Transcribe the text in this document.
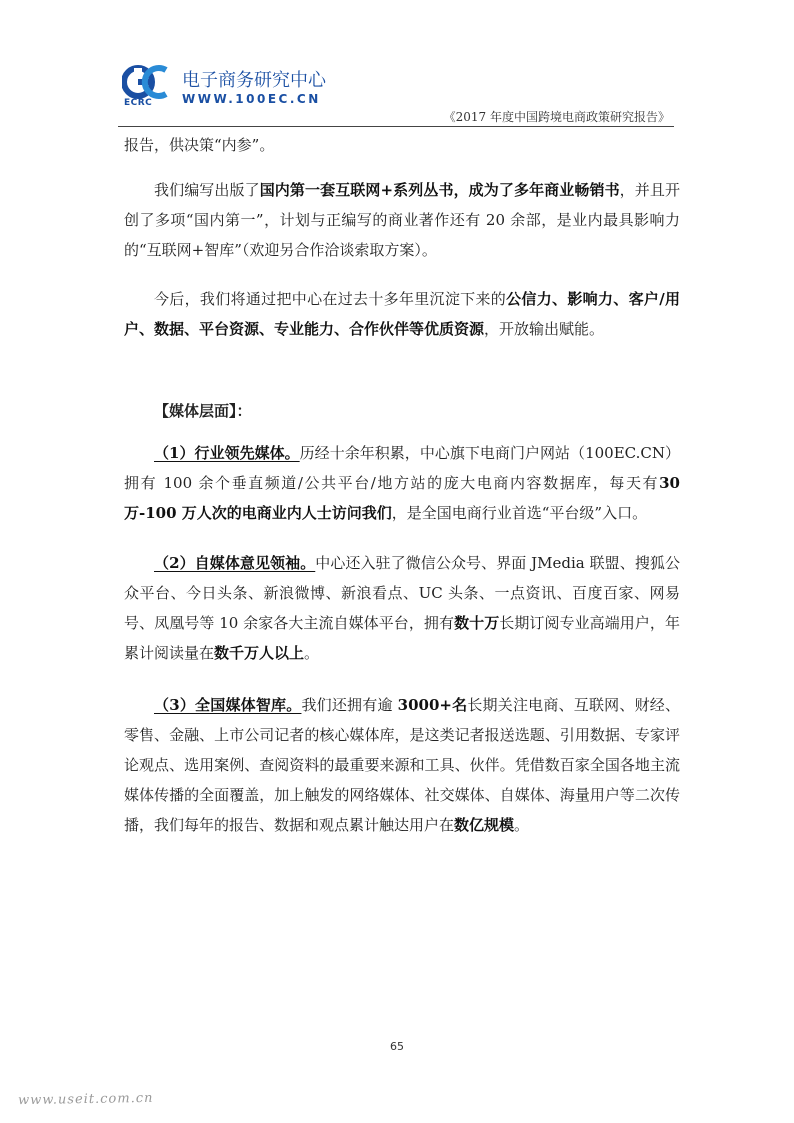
ECRC
电子商务研究中心
WWW.100EC.CN
《2017 年度中国跨境电商政策研究报告》

报告，供决策“内参”。

我们编写出版了国内第一套互联网+系列丛书，成为了多年商业畅销书，并且开创了多项“国内第一”，计划与正编写的商业著作还有 20 余部，是业内最具影响力的“互联网+智库”（欢迎另合作洽谈索取方案）。

今后，我们将通过把中心在过去十多年里沉淀下来的公信力、影响力、客户/用户、数据、平台资源、专业能力、合作伙伴等优质资源，开放输出赋能。

【媒体层面】：

（1）行业领先媒体。历经十余年积累，中心旗下电商门户网站（100EC.CN）拥有 100 余个垂直频道/公共平台/地方站的庞大电商内容数据库，每天有30 万-100 万人次的电商业内人士访问我们，是全国电商行业首选“平台级”入口。

（2）自媒体意见领袖。中心还入驻了微信公众号、界面 JMedia 联盟、搜狐公众平台、今日头条、新浪微博、新浪看点、UC 头条、一点资讯、百度百家、网易号、凤凰号等 10 余家各大主流自媒体平台，拥有数十万长期订阅专业高端用户，年累计阅读量在数千万人以上。

（3）全国媒体智库。我们还拥有逾 3000+名长期关注电商、互联网、财经、零售、金融、上市公司记者的核心媒体库，是这类记者报送选题、引用数据、专家评论观点、选用案例、查阅资料的最重要来源和工具、伙伴。凭借数百家全国各地主流媒体传播的全面覆盖，加上触发的网络媒体、社交媒体、自媒体、海量用户等二次传播，我们每年的报告、数据和观点累计触达用户在数亿规模。

65
www.useit.com.cn
